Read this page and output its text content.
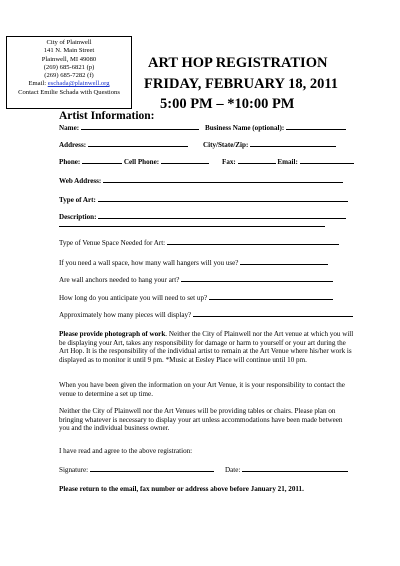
City of Plainwell
141 N. Main Street
Plainwell, MI 49080
(269) 685-6821 (p)
(269) 685-7282 (f)
Email: eschada@plainwell.org
Contact Emilie Schada with Questions
ART HOP REGISTRATION
FRIDAY, FEBRUARY 18, 2011
5:00 PM – *10:00 PM
Artist Information:
Name:	Business Name (optional):
Address:	City/State/Zip:
Phone:	Cell Phone:	Fax:	Email:
Web Address:
Type of Art:
Description:
Type of Venue Space Needed for Art:
If you need a wall space, how many wall hangers will you use?
Are wall anchors needed to hang your art?
How long do you anticipate you will need to set up?
Approximately how many pieces will display?
Please provide photograph of work. Neither the City of Plainwell nor the Art venue at which you will be displaying your Art, takes any responsibility for damage or harm to yourself or your art during the Art Hop. It is the responsibility of the individual artist to remain at the Art Venue where his/her work is displayed as to monitor it until 9 pm. *Music at Eesley Place will continue until 10 pm.
When you have been given the information on your Art Venue, it is your responsibility to contact the venue to determine a set up time.
Neither the City of Plainwell nor the Art Venues will be providing tables or chairs. Please plan on bringing whatever is necessary to display your art unless accommodations have been made between you and the individual business owner.
I have read and agree to the above registration:
Signature:	Date:
Please return to the email, fax number or address above before January 21, 2011.
